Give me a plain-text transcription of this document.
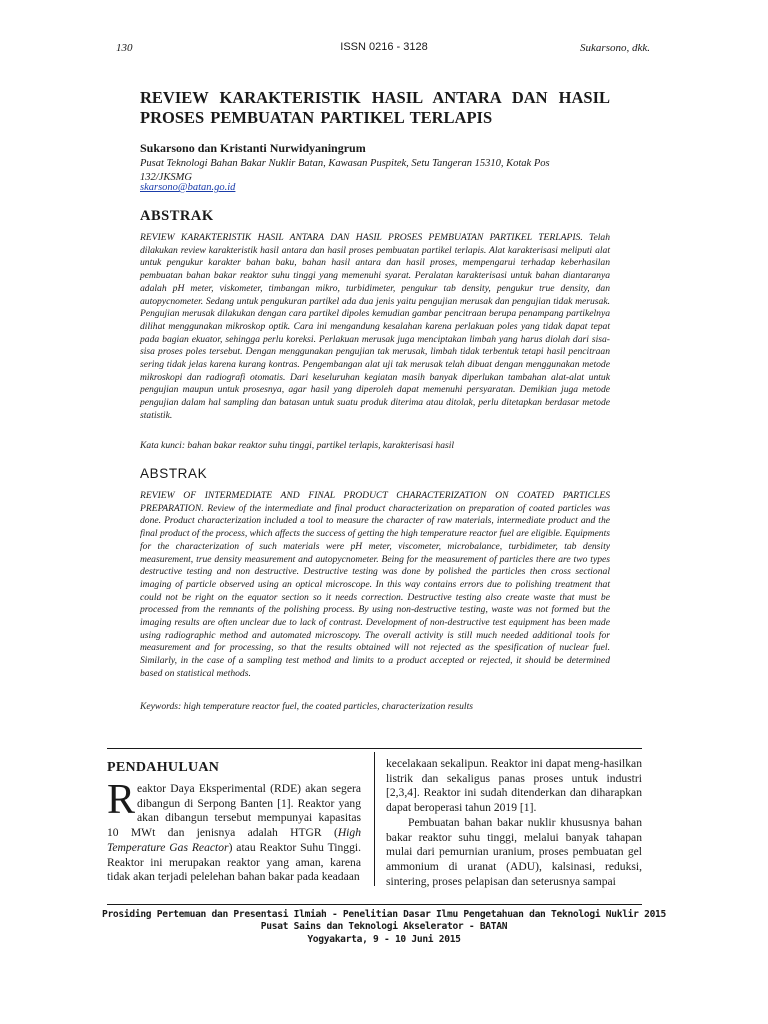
130	ISSN 0216 - 3128	Sukarsono, dkk.
REVIEW KARAKTERISTIK HASIL ANTARA DAN HASIL PROSES PEMBUATAN PARTIKEL TERLAPIS
Sukarsono dan Kristanti Nurwidyaningrum
Pusat Teknologi Bahan Bakar Nuklir Batan, Kawasan Puspitek, Setu Tangeran 15310, Kotak Pos 132/JKSMG
skarsono@batan.go.id
ABSTRAK
REVIEW KARAKTERISTIK HASIL ANTARA DAN HASIL PROSES PEMBUATAN PARTIKEL TERLAPIS. Telah dilakukan review karakteristik hasil antara dan hasil proses pembuatan partikel terlapis. Alat karakterisasi meliputi alat untuk pengukur karakter bahan baku, bahan hasil antara dan hasil proses, mempengarui terhadap keberhasilan pembuatan bahan bakar reaktor suhu tinggi yang memenuhi syarat. Peralatan karakterisasi untuk bahan diantaranya adalah pH meter, viskometer, timbangan mikro, turbidimeter, pengukur tab density, pengukur true density, dan autopycnometer. Sedang untuk pengukuran partikel ada dua jenis yaitu pengujian merusak dan pengujian tidak merusak. Pengujian merusak dilakukan dengan cara partikel dipoles kemudian gambar pencitraan berupa penampang partikelnya dilihat menggunakan mikroskop optik. Cara ini mengandung kesalahan karena perlakuan poles yang tidak dapat tepat pada bagian ekuator, sehingga perlu koreksi. Perlakuan merusak juga menciptakan limbah yang harus diolah dari sisa-sisa proses poles tersebut. Dengan menggunakan pengujian tak merusak, limbah tidak terbentuk tetapi hasil pencitraan sering tidak jelas karena kurang kontras. Pengembangan alat uji tak merusak telah dibuat dengan menggunakan metode mikroskopi dan radiografi otomatis. Dari keseluruhan kegiatan masih banyak diperlukan tambahan alat-alat untuk pengujian maupun untuk prosesnya, agar hasil yang diperoleh dapat memenuhi persyaratan. Demikian juga metode pengujian dalam hal sampling dan batasan untuk suatu produk diterima atau ditolak, perlu ditetapkan berdasar metode statistik.
Kata kunci: bahan bakar reaktor suhu tinggi, partikel terlapis, karakterisasi hasil
ABSTRAK
REVIEW OF INTERMEDIATE AND FINAL PRODUCT CHARACTERIZATION ON COATED PARTICLES PREPARATION. Review of the intermediate and final product characterization on preparation of coated particles was done. Product characterization included a tool to measure the character of raw materials, intermediate product and the final product of the process, which affects the success of getting the high temperature reactor fuel are eligible. Equipments for the characterization of such materials were pH meter, viscometer, microbalance, turbidimeter, tab density measurement, true density measurement and autopycnometer. Being for the measurement of particles there are two types destructive testing and non destructive. Destructive testing was done by polished the particles then cross sectional imaging of particle observed using an optical microscope. In this way contains errors due to polishing treatment that could not be right on the equator section so it needs correction. Destructive testing also create waste that must be processed from the remnants of the polishing process. By using non-destructive testing, waste was not formed but the imaging results are often unclear due to lack of contrast. Development of non-destructive test equipment has been made using radiographic method and automated microscopy. The overall activity is still much needed additional tools for measurement and for processing, so that the results obtained will not rejected as the spesification of nuclear fuel. Similarly, in the case of a sampling test method and limits to a product accepted or rejected, it should be determined based on statistical methods.
Keywords: high temperature reactor fuel, the coated particles, characterization results
PENDAHULUAN

Reaktor Daya Eksperimental (RDE) akan segera dibangun di Serpong Banten [1]. Reaktor yang akan dibangun tersebut mempunyai kapasitas 10 MWt dan jenisnya adalah HTGR (High Temperature Gas Reactor) atau Reaktor Suhu Tinggi. Reaktor ini merupakan reaktor yang aman, karena tidak akan terjadi pelelehan bahan bakar pada keadaan

kecelakaan sekalipun. Reaktor ini dapat meng-hasilkan listrik dan sekaligus panas proses untuk industri [2,3,4]. Reaktor ini sudah ditenderkan dan diharapkan dapat beroperasi tahun 2019 [1].

Pembuatan bahan bakar nuklir khususnya bahan bakar reaktor suhu tinggi, melalui banyak tahapan mulai dari pemurnian uranium, proses pembuatan gel ammonium di uranat (ADU), kalsinasi, reduksi, sintering, proses pelapisan dan seterusnya sampai

Prosiding Pertemuan dan Presentasi Ilmiah - Penelitian Dasar Ilmu Pengetahuan dan Teknologi Nuklir 2015
Pusat Sains dan Teknologi Akselerator - BATAN
Yogyakarta, 9 - 10 Juni 2015
